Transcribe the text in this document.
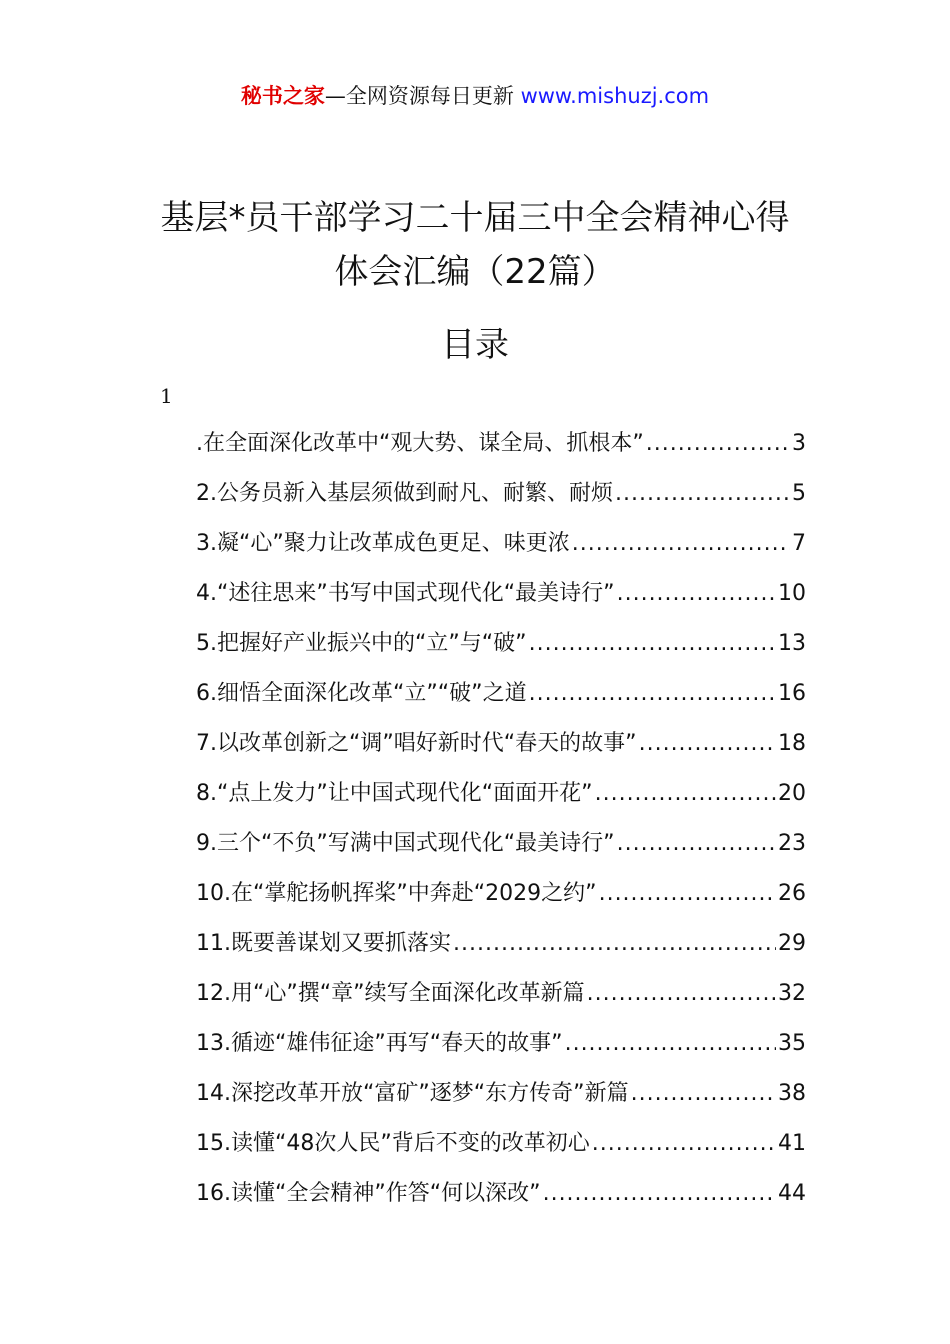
秘书之家—全网资源每日更新 www.mishuzj.com
基层*员干部学习二十届三中全会精神心得
体会汇编（22篇）
目录
1
.在全面深化改革中“观大势、谋全局、抓根本” .....	3
2.公务员新入基层须做到耐凡、耐繁、耐烦 .....	5
3.凝“心”聚力让改革成色更足、味更浓 .....	7
4.“述往思来”书写中国式现代化“最美诗行” .....	10
5.把握好产业振兴中的“立”与“破” .....	13
6.细悟全面深化改革“立”“破”之道 .....	16
7.以改革创新之“调”唱好新时代“春天的故事” .....	18
8.“点上发力”让中国式现代化“面面开花” .....	20
9.三个“不负”写满中国式现代化“最美诗行” .....	23
10.在“掌舵扬帆挥桨”中奔赴“2029之约” .....	26
11.既要善谋划又要抓落实 .....	29
12.用“心”撰“章”续写全面深化改革新篇 .....	32
13.循迹“雄伟征途”再写“春天的故事” .....	35
14.深挖改革开放“富矿”逐梦“东方传奇”新篇 .....	38
15.读懂“48次人民”背后不变的改革初心 .....	41
16.读懂“全会精神”作答“何以深改” .....	44
